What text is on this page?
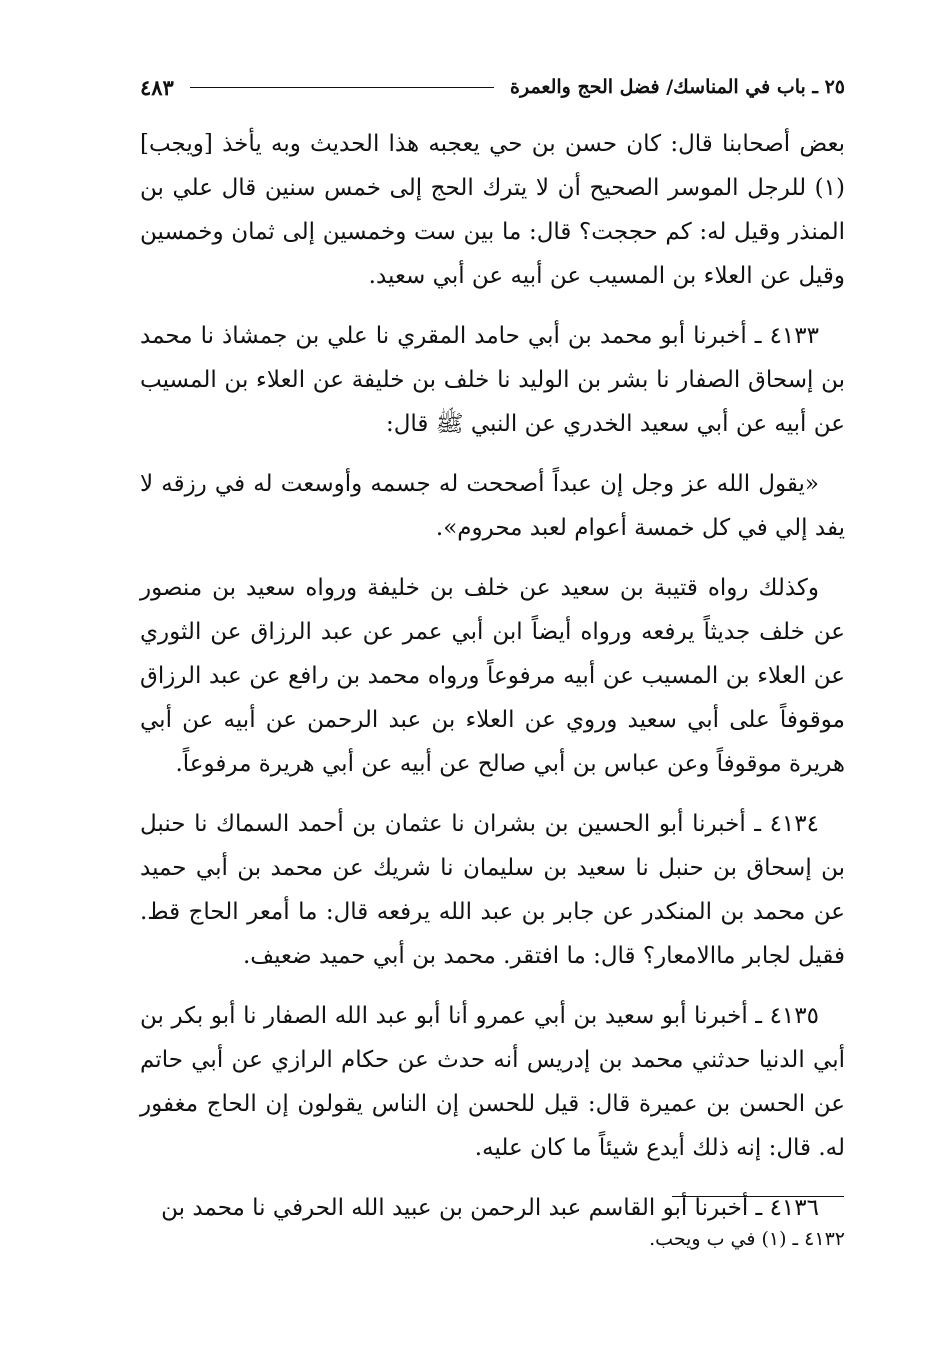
٢٥ ـ باب في المناسك/ فضل الحج والعمرة
٤٨٣

بعض أصحابنا قال: كان حسن بن حي يعجبه هذا الحديث وبه يأخذ [ويجب](١) للرجل الموسر الصحيح أن لا يترك الحج إلى خمس سنين قال علي بن المنذر وقيل له: كم حججت؟ قال: ما بين ست وخمسين إلى ثمان وخمسين وقيل عن العلاء بن المسيب عن أبيه عن أبي سعيد.

٤١٣٣ ـ أخبرنا أبو محمد بن أبي حامد المقري نا علي بن جمشاذ نا محمد بن إسحاق الصفار نا بشر بن الوليد نا خلف بن خليفة عن العلاء بن المسيب عن أبيه عن أبي سعيد الخدري عن النبي ﷺ قال:

«يقول الله عز وجل إن عبداً أصححت له جسمه وأوسعت له في رزقه لا يفد إلي في كل خمسة أعوام لعبد محروم».

وكذلك رواه قتيبة بن سعيد عن خلف بن خليفة ورواه سعيد بن منصور عن خلف جديثاً يرفعه ورواه أيضاً ابن أبي عمر عن عبد الرزاق عن الثوري عن العلاء بن المسيب عن أبيه مرفوعاً ورواه محمد بن رافع عن عبد الرزاق موقوفاً على أبي سعيد وروي عن العلاء بن عبد الرحمن عن أبيه عن أبي هريرة موقوفاً وعن عباس بن أبي صالح عن أبيه عن أبي هريرة مرفوعاً.

٤١٣٤ ـ أخبرنا أبو الحسين بن بشران نا عثمان بن أحمد السماك نا حنبل بن إسحاق بن حنبل نا سعيد بن سليمان نا شريك عن محمد بن أبي حميد عن محمد بن المنكدر عن جابر بن عبد الله يرفعه قال: ما أمعر الحاج قط. فقيل لجابر ماالامعار؟ قال: ما افتقر. محمد بن أبي حميد ضعيف.

٤١٣٥ ـ أخبرنا أبو سعيد بن أبي عمرو أنا أبو عبد الله الصفار نا أبو بكر بن أبي الدنيا حدثني محمد بن إدريس أنه حدث عن حكام الرازي عن أبي حاتم عن الحسن بن عميرة قال: قيل للحسن إن الناس يقولون إن الحاج مغفور له. قال: إنه ذلك أيدع شيئاً ما كان عليه.

٤١٣٦ ـ أخبرنا أبو القاسم عبد الرحمن بن عبيد الله الحرفي نا محمد بن

٤١٣٢ ـ (١) في ب ويحب.
